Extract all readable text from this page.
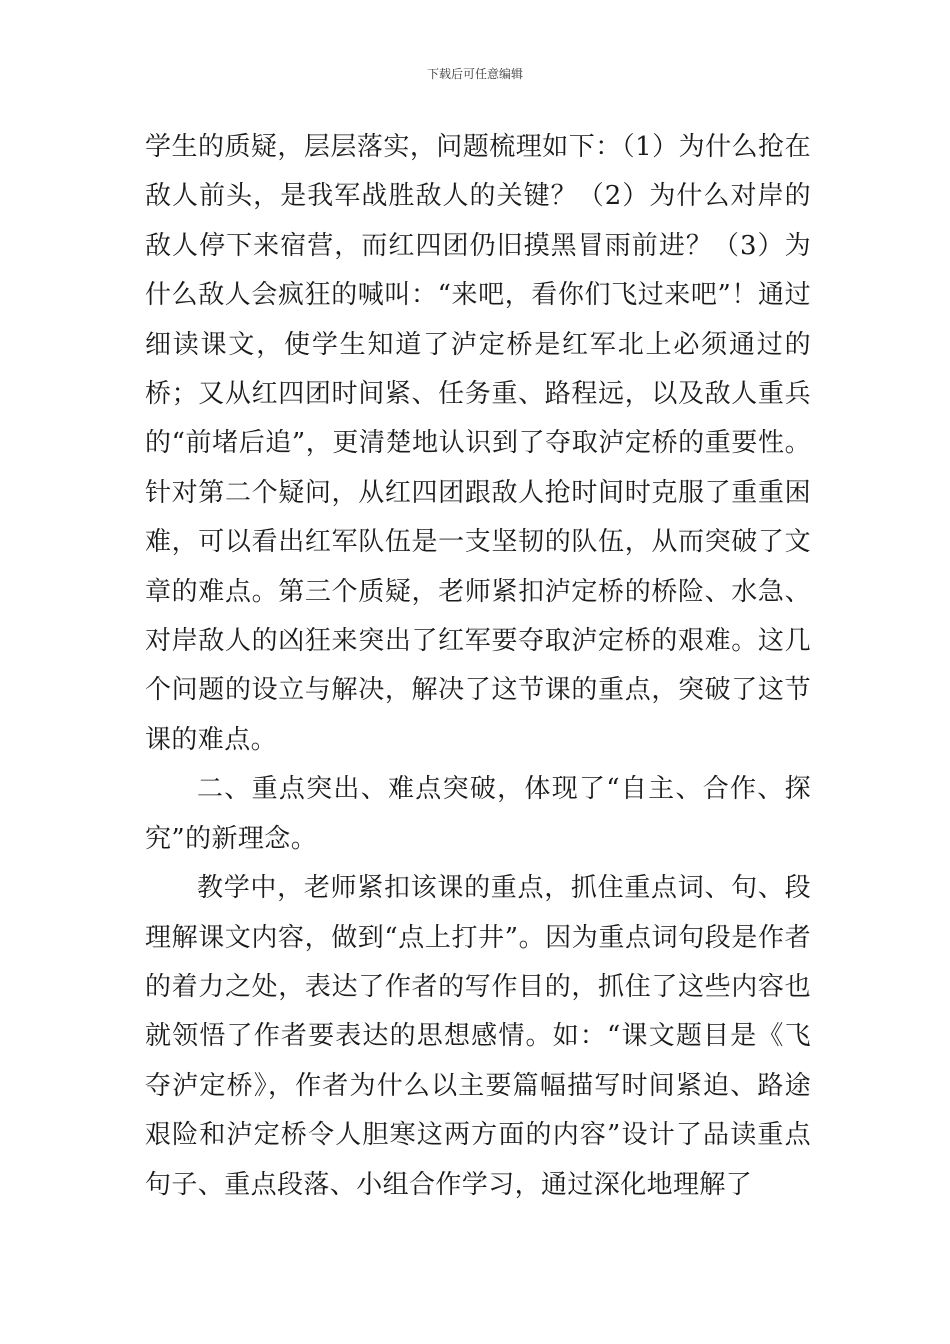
下载后可任意编辑

学生的质疑，层层落实，问题梳理如下：（1）为什么抢在敌人前头，是我军战胜敌人的关键？（2）为什么对岸的敌人停下来宿营，而红四团仍旧摸黑冒雨前进？（3）为什么敌人会疯狂的喊叫：“来吧，看你们飞过来吧”！通过细读课文，使学生知道了泸定桥是红军北上必须通过的桥；又从红四团时间紧、任务重、路程远，以及敌人重兵的“前堵后追”，更清楚地认识到了夺取泸定桥的重要性。针对第二个疑问，从红四团跟敌人抢时间时克服了重重困难，可以看出红军队伍是一支坚韧的队伍，从而突破了文章的难点。第三个质疑，老师紧扣泸定桥的桥险、水急、对岸敌人的凶狂来突出了红军要夺取泸定桥的艰难。这几个问题的设立与解决，解决了这节课的重点，突破了这节课的难点。

二、重点突出、难点突破，体现了“自主、合作、探究”的新理念。

教学中，老师紧扣该课的重点，抓住重点词、句、段理解课文内容，做到“点上打井”。因为重点词句段是作者的着力之处，表达了作者的写作目的，抓住了这些内容也就领悟了作者要表达的思想感情。如：“课文题目是《飞夺泸定桥》，作者为什么以主要篇幅描写时间紧迫、路途艰险和泸定桥令人胆寒这两方面的内容”设计了品读重点句子、重点段落、小组合作学习，通过深化地理解了
